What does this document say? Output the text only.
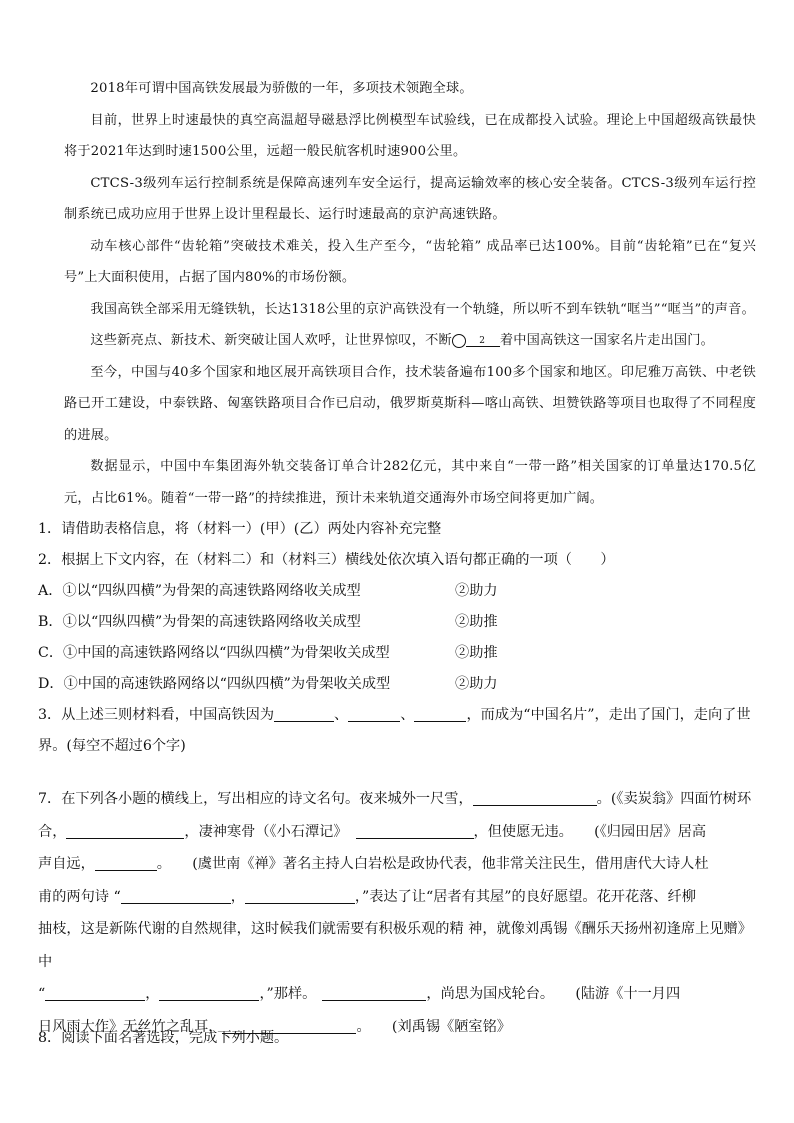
2018年可谓中国高铁发展最为骄傲的一年，多项技术领跑全球。

目前，世界上时速最快的真空高温超导磁悬浮比例模型车试验线，已在成都投入试验。理论上中国超级高铁最快将于2021年达到时速1500公里，远超一般民航客机时速900公里。

CTCS-3级列车运行控制系统是保障高速列车安全运行，提高运输效率的核心安全装备。CTCS-3级列车运行控制系统已成功应用于世界上设计里程最长、运行时速最高的京沪高速铁路。

动车核心部件“齿轮箱”突破技术难关，投入生产至今，“齿轮箱” 成品率已达100%。目前“齿轮箱”已在“复兴号”上大面积使用，占据了国内80%的市场份额。

我国高铁全部采用无缝铁轨，长达1318公里的京沪高铁没有一个轨缝，所以听不到车铁轨“哐当”“哐当”的声音。

这些新亮点、新技术、新突破让国人欢呼，让世界惊叹，不断	2 着中国高铁这一国家名片走出国门。

至今，中国与40多个国家和地区展开高铁项目合作，技术装备遍布100多个国家和地区。印尼雅万高铁、中老铁路已开工建设，中泰铁路、匈塞铁路项目合作已启动，俄罗斯莫斯科—喀山高铁、坦赞铁路等项目也取得了不同程度的进展。

数据显示，中国中车集团海外轨交装备订单合计282亿元，其中来自“一带一路”相关国家的订单量达170.5亿元，占比61%。随着“一带一路”的持续推进，预计未来轨道交通海外市场空间将更加广阔。

1．请借助表格信息，将（材料一）(甲）(乙）两处内容补充完整
2．根据上下文内容，在（材料二）和（材料三）横线处依次填入语句都正确的一项（　　）
A．①以“四纵四横”为骨架的高速铁路网络收关成型	②助力
B．①以“四纵四横”为骨架的高速铁路网络收关成型	②助推
C．①中国的高速铁路网络以“四纵四横”为骨架收关成型	②助推
D．①中国的高速铁路网络以“四纵四横”为骨架收关成型	②助力

3．从上述三则材料看，中国高铁因为	、	、	，而成为“中国名片”，走出了国门，走向了世

界。(每空不超过6个字)

7．在下列各小题的横线上，写出相应的诗文名句。夜来城外一尺雪，	。(《卖炭翁》四面竹树环

合，	，凄神寒骨（《小石潭记》	，但使愿无违。　　(《归园田居》居高

声自远，	。　　(虞世南《禅》著名主持人白岩松是政协代表，他非常关注民生，借用唐代大诗人杜

甫的两句诗 “	，	，”表达了让“居者有其屋”的良好愿望。花开花落、纤柳

抽枝，这是新陈代谢的自然规律，这时候我们就需要有积极乐观的精 神，就像刘禹锡《酬乐天扬州初逢席上见赠》中

“	，	，”那样。	，尚思为国戍轮台。　　(陆游《十一月四

日风雨大作》无丝竹之乱耳，	。　　(刘禹锡《陋室铭》

8．阅读下面名著选段，完成下列小题。
